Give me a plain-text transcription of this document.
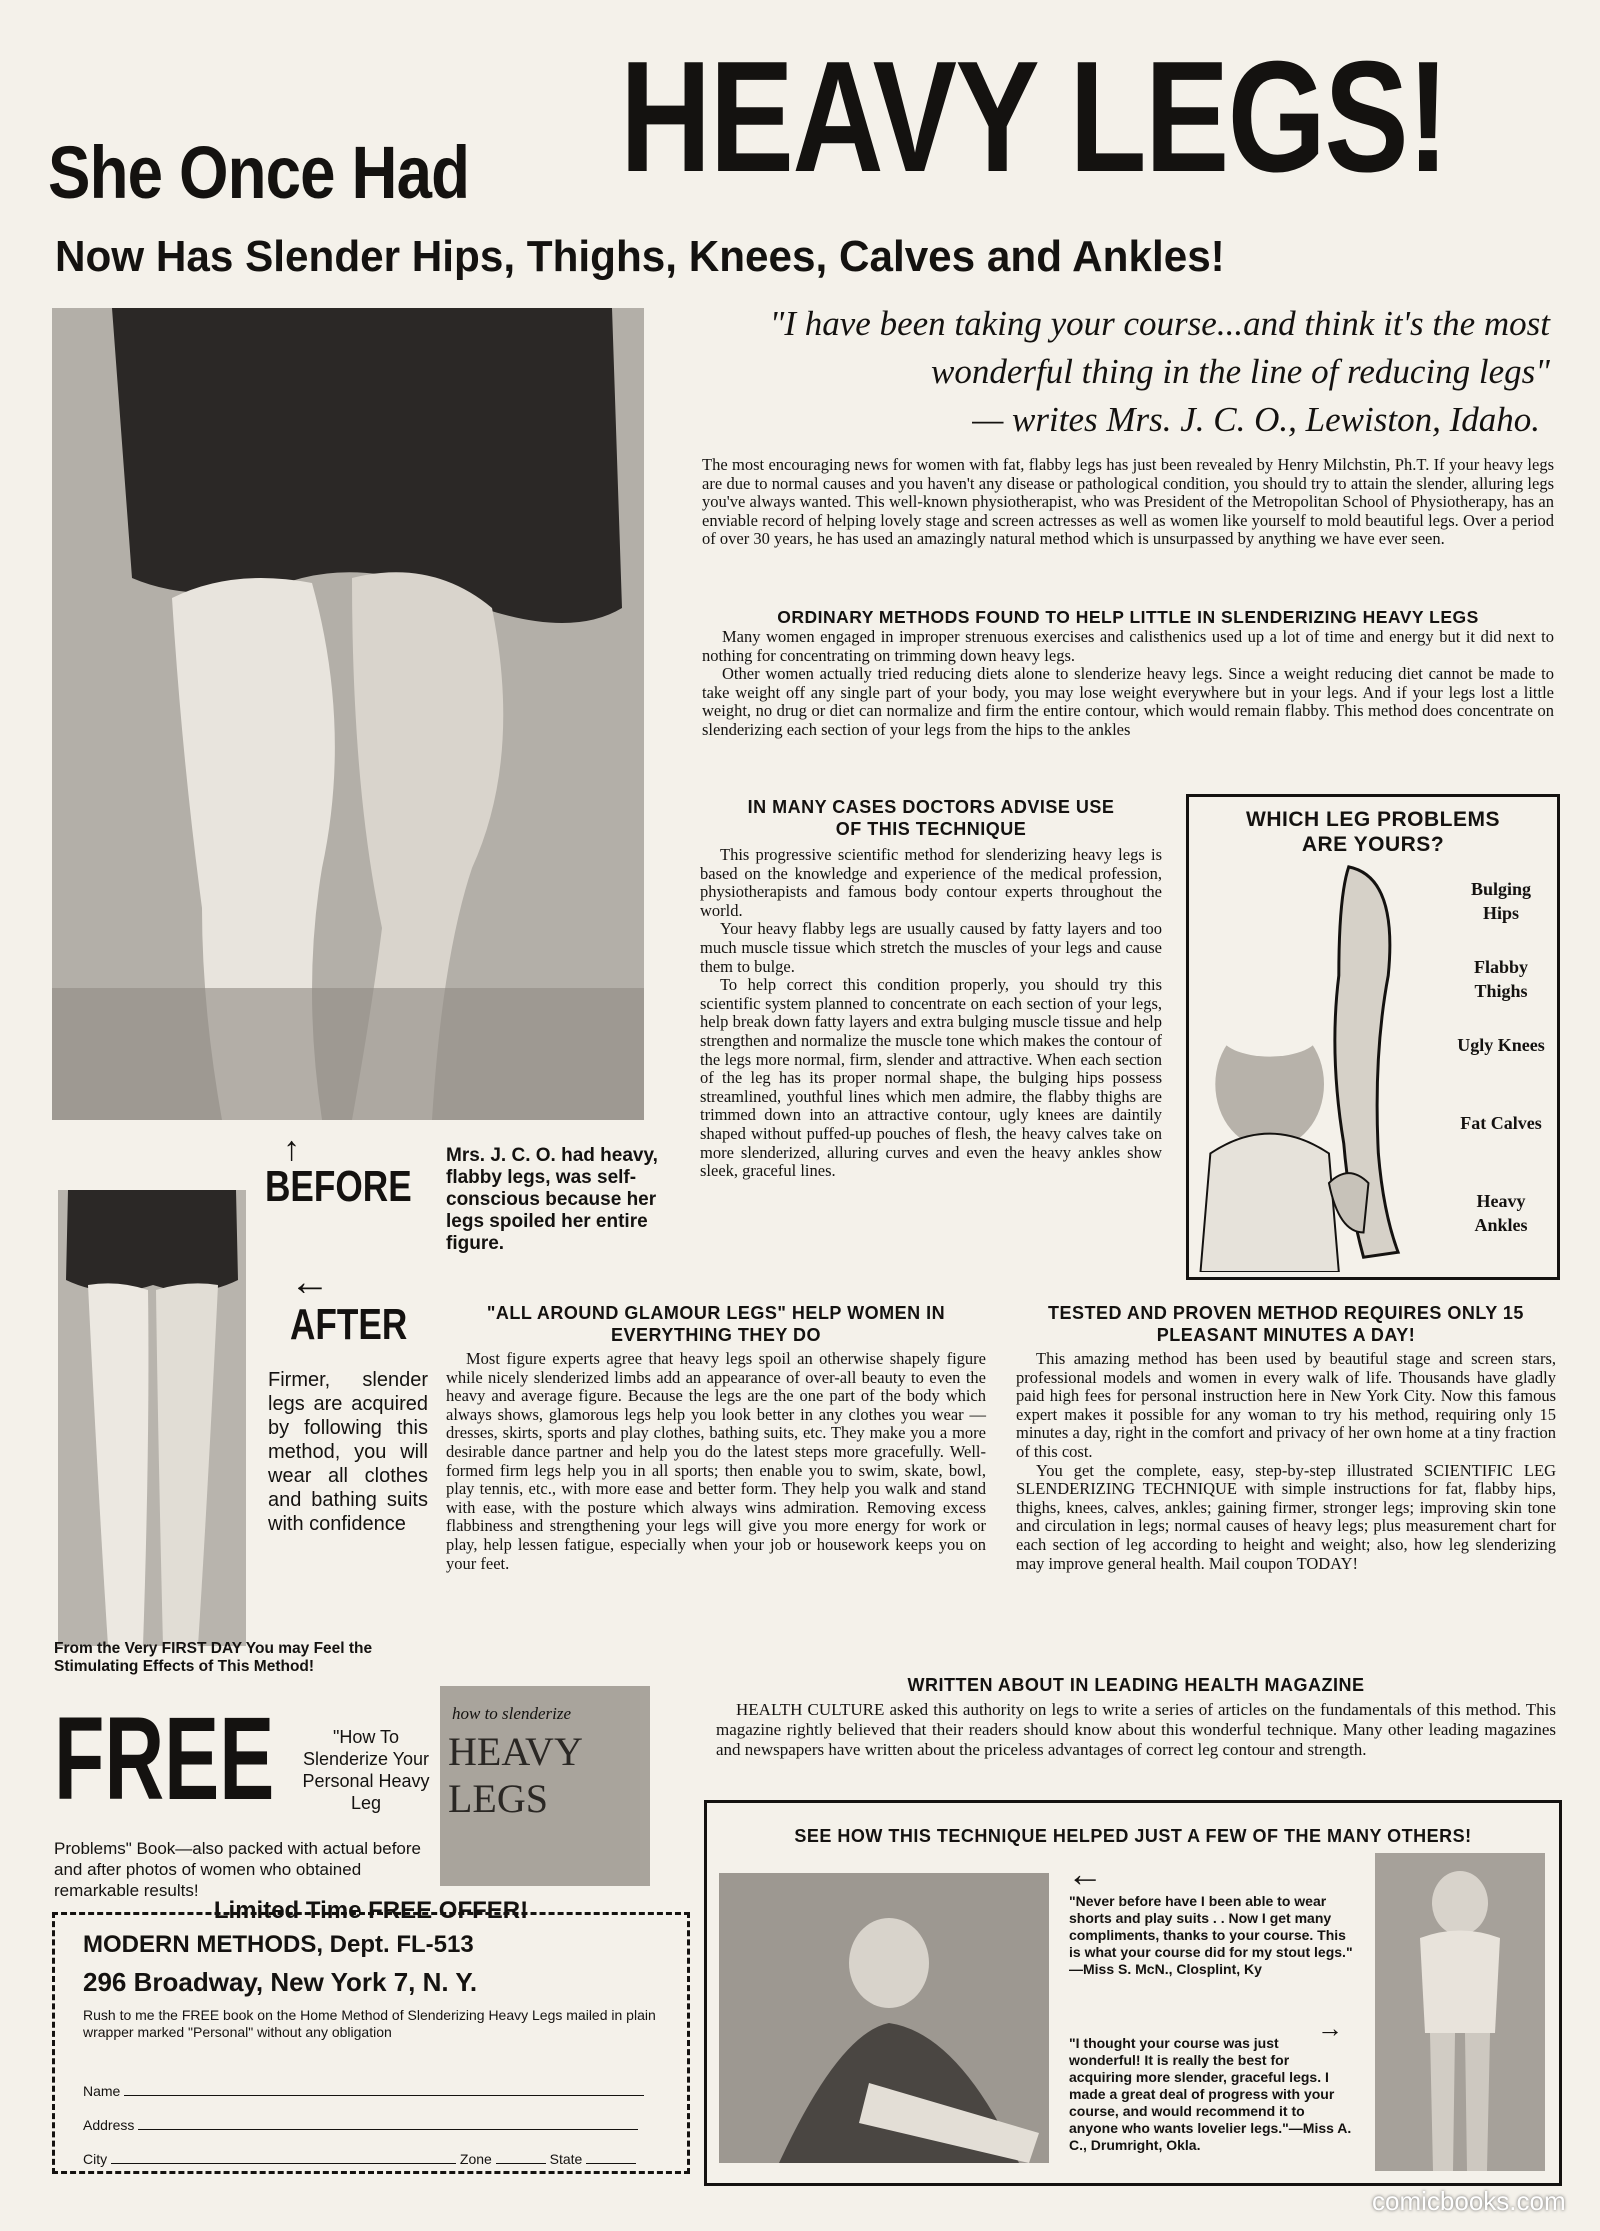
She Once Had HEAVY LEGS!
Now Has Slender Hips, Thighs, Knees, Calves and Ankles!
↑
BEFORE
Mrs. J. C. O. had heavy, flabby legs, was self-conscious because her legs spoiled her entire figure.
←
AFTER
Firmer, slender legs are acquired by following this method, you will wear all clothes and bathing suits with confidence
"I have been taking your course...and think it's the most wonderful thing in the line of reducing legs"
— writes Mrs. J. C. O., Lewiston, Idaho.
The most encouraging news for women with fat, flabby legs has just been revealed by Henry Milchstin, Ph.T. If your heavy legs are due to normal causes and you haven't any disease or pathological condition, you should try to attain the slender, alluring legs you've always wanted. This well-known physiotherapist, who was President of the Metropolitan School of Physiotherapy, has an enviable record of helping lovely stage and screen actresses as well as women like yourself to mold beautiful legs. Over a period of over 30 years, he has used an amazingly natural method which is unsurpassed by anything we have ever seen.
ORDINARY METHODS FOUND TO HELP LITTLE IN SLENDERIZING HEAVY LEGS
Many women engaged in improper strenuous exercises and calisthenics used up a lot of time and energy but it did next to nothing for concentrating on trimming down heavy legs.
Other women actually tried reducing diets alone to slenderize heavy legs. Since a weight reducing diet cannot be made to take weight off any single part of your body, you may lose weight everywhere but in your legs. And if your legs lost a little weight, no drug or diet can normalize and firm the entire contour, which would remain flabby. This method does concentrate on slenderizing each section of your legs from the hips to the ankles
IN MANY CASES DOCTORS ADVISE USE OF THIS TECHNIQUE
This progressive scientific method for slenderizing heavy legs is based on the knowledge and experience of the medical profession, physiotherapists and famous body contour experts throughout the world.
Your heavy flabby legs are usually caused by fatty layers and too much muscle tissue which stretch the muscles of your legs and cause them to bulge.
To help correct this condition properly, you should try this scientific system planned to concentrate on each section of your legs, help break down fatty layers and extra bulging muscle tissue and help strengthen and normalize the muscle tone which makes the contour of the legs more normal, firm, slender and attractive. When each section of the leg has its proper normal shape, the bulging hips possess streamlined, youthful lines which men admire, the flabby thighs are trimmed down into an attractive contour, ugly knees are daintily shaped without puffed-up pouches of flesh, the heavy calves take on more slenderized, alluring curves and even the heavy ankles show sleek, graceful lines.
WHICH LEG PROBLEMS ARE YOURS?
Bulging Hips
Flabby Thighs
Ugly Knees
Fat Calves
Heavy Ankles
"ALL AROUND GLAMOUR LEGS" HELP WOMEN IN EVERYTHING THEY DO
Most figure experts agree that heavy legs spoil an otherwise shapely figure while nicely slenderized limbs add an appearance of over-all beauty to even the heavy and average figure. Because the legs are the one part of the body which always shows, glamorous legs help you look better in any clothes you wear — dresses, skirts, sports and play clothes, bathing suits, etc. They make you a more desirable dance partner and help you do the latest steps more gracefully. Well-formed firm legs help you in all sports; then enable you to swim, skate, bowl, play tennis, etc., with more ease and better form. They help you walk and stand with ease, with the posture which always wins admiration. Removing excess flabbiness and strengthening your legs will give you more energy for work or play, help lessen fatigue, especially when your job or housework keeps you on your feet.
TESTED AND PROVEN METHOD REQUIRES ONLY 15 PLEASANT MINUTES A DAY!
This amazing method has been used by beautiful stage and screen stars, professional models and women in every walk of life. Thousands have gladly paid high fees for personal instruction here in New York City. Now this famous expert makes it possible for any woman to try his method, requiring only 15 minutes a day, right in the comfort and privacy of her own home at a tiny fraction of this cost.
You get the complete, easy, step-by-step illustrated SCIENTIFIC LEG SLENDERIZING TECHNIQUE with simple instructions for fat, flabby hips, thighs, knees, calves, ankles; gaining firmer, stronger legs; improving skin tone and circulation in legs; normal causes of heavy legs; plus measurement chart for each section of leg according to height and weight; also, how leg slenderizing may improve general health. Mail coupon TODAY!
From the Very FIRST DAY You may Feel the Stimulating Effects of This Method!
WRITTEN ABOUT IN LEADING HEALTH MAGAZINE
HEALTH CULTURE asked this authority on legs to write a series of articles on the fundamentals of this method. This magazine rightly believed that their readers should know about this wonderful technique. Many other leading magazines and newspapers have written about the priceless advantages of correct leg contour and strength.
FREE	"How To Slenderize Your Personal Heavy Leg
Problems" Book—also packed with actual before and after photos of women who obtained remarkable results!
how to slenderize
HEAVY LEGS
Limited Time FREE OFFER!
MODERN METHODS, Dept. FL-513
296 Broadway, New York 7, N. Y.
Rush to me the FREE book on the Home Method of Slenderizing Heavy Legs mailed in plain wrapper marked "Personal" without any obligation
Name
Address
City	Zone	State
SEE HOW THIS TECHNIQUE HELPED JUST A FEW OF THE MANY OTHERS!
←
"Never before have I been able to wear shorts and play suits . . Now I get many compliments, thanks to your course. This is what your course did for my stout legs." —Miss S. McN., Closplint, Ky
→
"I thought your course was just wonderful! It is really the best for acquiring more slender, graceful legs. I made a great deal of progress with your course, and would recommend it to anyone who wants lovelier legs."—Miss A. C., Drumright, Okla.
comicbooks.com
